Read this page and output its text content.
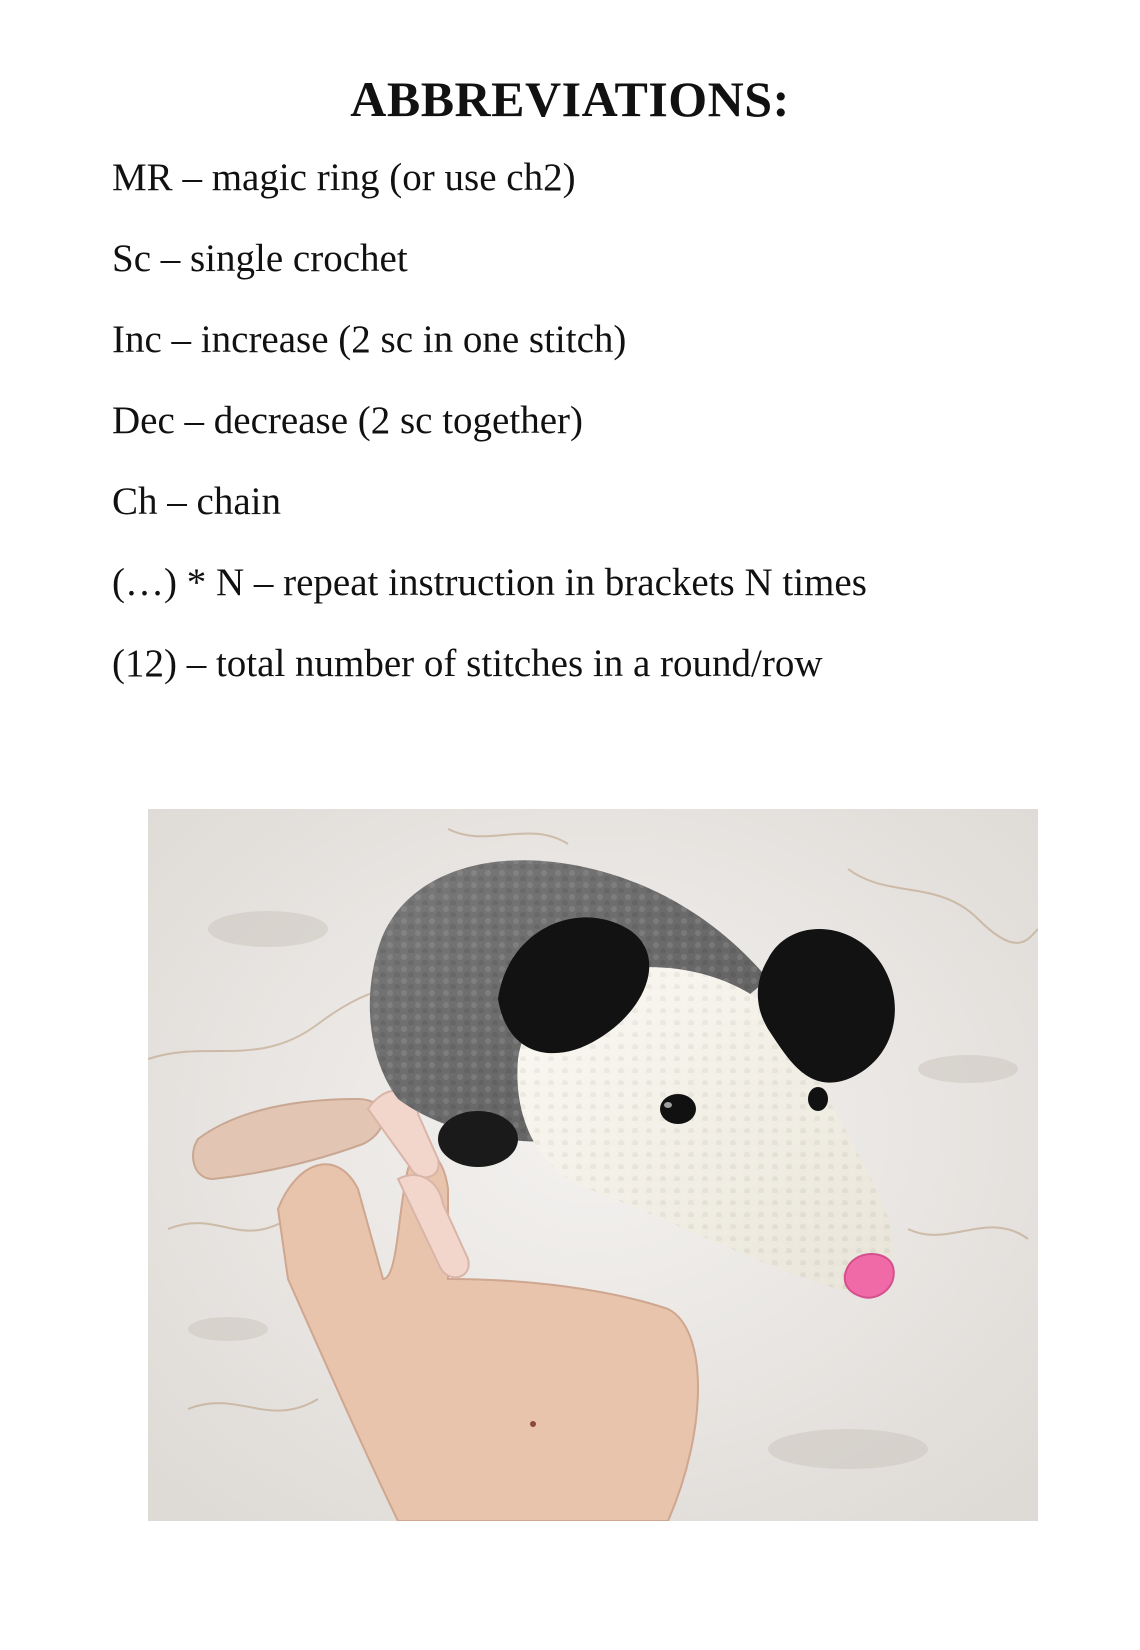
ABBREVIATIONS:
MR – magic ring (or use ch2)
Sc – single crochet
Inc – increase (2 sc in one stitch)
Dec – decrease (2 sc together)
Ch – chain
(…) * N – repeat instruction in brackets N times
(12) – total number of stitches in a round/row
